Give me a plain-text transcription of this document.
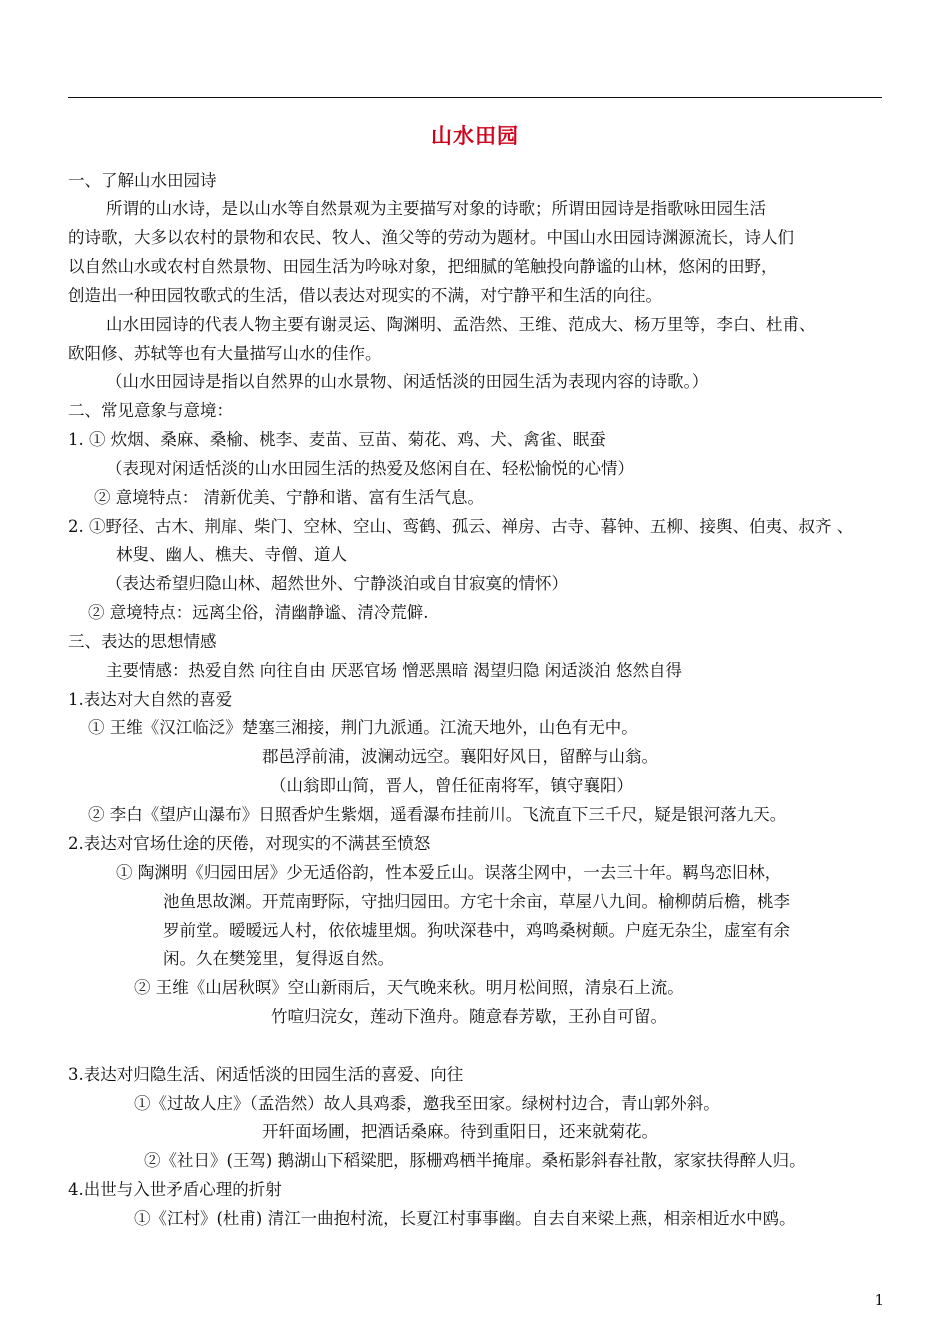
山水田园
一、了解山水田园诗
所谓的山水诗，是以山水等自然景观为主要描写对象的诗歌；所谓田园诗是指歌咏田园生活
的诗歌，大多以农村的景物和农民、牧人、渔父等的劳动为题材。中国山水田园诗渊源流长，诗人们
以自然山水或农村自然景物、田园生活为吟咏对象，把细腻的笔触投向静谧的山林，悠闲的田野，
创造出一种田园牧歌式的生活，借以表达对现实的不满，对宁静平和生活的向往。
山水田园诗的代表人物主要有谢灵运、陶渊明、孟浩然、王维、范成大、杨万里等，李白、杜甫、
欧阳修、苏轼等也有大量描写山水的佳作。
（山水田园诗是指以自然界的山水景物、闲适恬淡的田园生活为表现内容的诗歌。）
二、常见意象与意境：
1. ① 炊烟、桑麻、桑榆、桃李、麦苗、豆苗、菊花、鸡、犬、禽雀、眠蚕
（表现对闲适恬淡的山水田园生活的热爱及悠闲自在、轻松愉悦的心情）
② 意境特点： 清新优美、宁静和谐、富有生活气息。
2. ①野径、古木、荆扉、柴门、空林、空山、鸾鹤、孤云、禅房、古寺、暮钟、五柳、接舆、伯夷、叔齐 、
林叟、幽人、樵夫、寺僧、道人
（表达希望归隐山林、超然世外、宁静淡泊或自甘寂寞的情怀）
② 意境特点：远离尘俗，清幽静谧、清冷荒僻.
三、表达的思想情感
主要情感：热爱自然 向往自由 厌恶官场 憎恶黑暗 渴望归隐 闲适淡泊 悠然自得
1.表达对大自然的喜爱
① 王维《汉江临泛》楚塞三湘接，荆门九派通。江流天地外，山色有无中。
郡邑浮前浦，波澜动远空。襄阳好风日，留醉与山翁。
（山翁即山简，晋人，曾任征南将军，镇守襄阳）
② 李白《望庐山瀑布》日照香炉生紫烟，遥看瀑布挂前川。飞流直下三千尺，疑是银河落九天。
2.表达对官场仕途的厌倦，对现实的不满甚至愤怒
① 陶渊明《归园田居》少无适俗韵，性本爱丘山。误落尘网中，一去三十年。羁鸟恋旧林，
池鱼思故渊。开荒南野际，守拙归园田。方宅十余亩，草屋八九间。榆柳荫后檐，桃李
罗前堂。暧暧远人村，依依墟里烟。狗吠深巷中，鸡鸣桑树颠。户庭无杂尘，虚室有余
闲。久在樊笼里，复得返自然。
② 王维《山居秋暝》空山新雨后，天气晚来秋。明月松间照，清泉石上流。
竹喧归浣女，莲动下渔舟。随意春芳歇，王孙自可留。
3.表达对归隐生活、闲适恬淡的田园生活的喜爱、向往
①《过故人庄》（孟浩然）故人具鸡黍，邀我至田家。绿树村边合，青山郭外斜。
开轩面场圃，把酒话桑麻。待到重阳日，还来就菊花。
②《社日》(王驾) 鹅湖山下稻粱肥，豚栅鸡栖半掩扉。桑柘影斜春社散，家家扶得醉人归。
4.出世与入世矛盾心理的折射
①《江村》(杜甫) 清江一曲抱村流，长夏江村事事幽。自去自来梁上燕，相亲相近水中鸥。
1
